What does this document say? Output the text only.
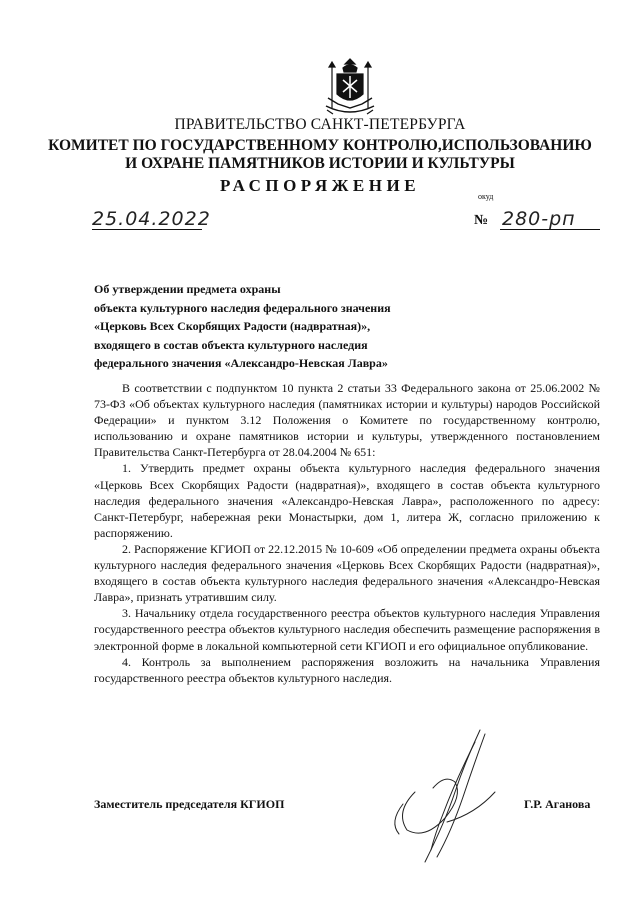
ПРАВИТЕЛЬСТВО САНКТ-ПЕТЕРБУРГА
КОМИТЕТ ПО ГОСУДАРСТВЕННОМУ КОНТРОЛЮ,ИСПОЛЬЗОВАНИЮ
И ОХРАНЕ ПАМЯТНИКОВ ИСТОРИИ И КУЛЬТУРЫ
РАСПОРЯЖЕНИЕ
окуд
25.04.2022	№ 280-рп
Об утверждении предмета охраны
объекта культурного наследия федерального значения
«Церковь Всех Скорбящих Радости (надвратная)»,
входящего в состав объекта культурного наследия
федерального значения «Александро-Невская Лавра»

В соответствии с подпунктом 10 пункта 2 статьи 33 Федерального закона от 25.06.2002 № 73-ФЗ «Об объектах культурного наследия (памятниках истории и культуры) народов Российской Федерации» и пунктом 3.12 Положения о Комитете по государственному контролю, использованию и охране памятников истории и культуры, утвержденного постановлением Правительства Санкт-Петербурга от 28.04.2004 № 651:

1. Утвердить предмет охраны объекта культурного наследия федерального значения «Церковь Всех Скорбящих Радости (надвратная)», входящего в состав объекта культурного наследия федерального значения «Александро-Невская Лавра», расположенного по адресу: Санкт-Петербург, набережная реки Монастырки, дом 1, литера Ж, согласно приложению к распоряжению.

2. Распоряжение КГИОП от 22.12.2015 № 10-609 «Об определении предмета охраны объекта культурного наследия федерального значения «Церковь Всех Скорбящих Радости (надвратная)», входящего в состав объекта культурного наследия федерального значения «Александро-Невская Лавра», признать утратившим силу.

3. Начальнику отдела государственного реестра объектов культурного наследия Управления государственного реестра объектов культурного наследия обеспечить размещение распоряжения в электронной форме в локальной компьютерной сети КГИОП и его официальное опубликование.

4. Контроль за выполнением распоряжения возложить на начальника Управления государственного реестра объектов культурного наследия.

Заместитель председателя КГИОП	Г.Р. Аганова
